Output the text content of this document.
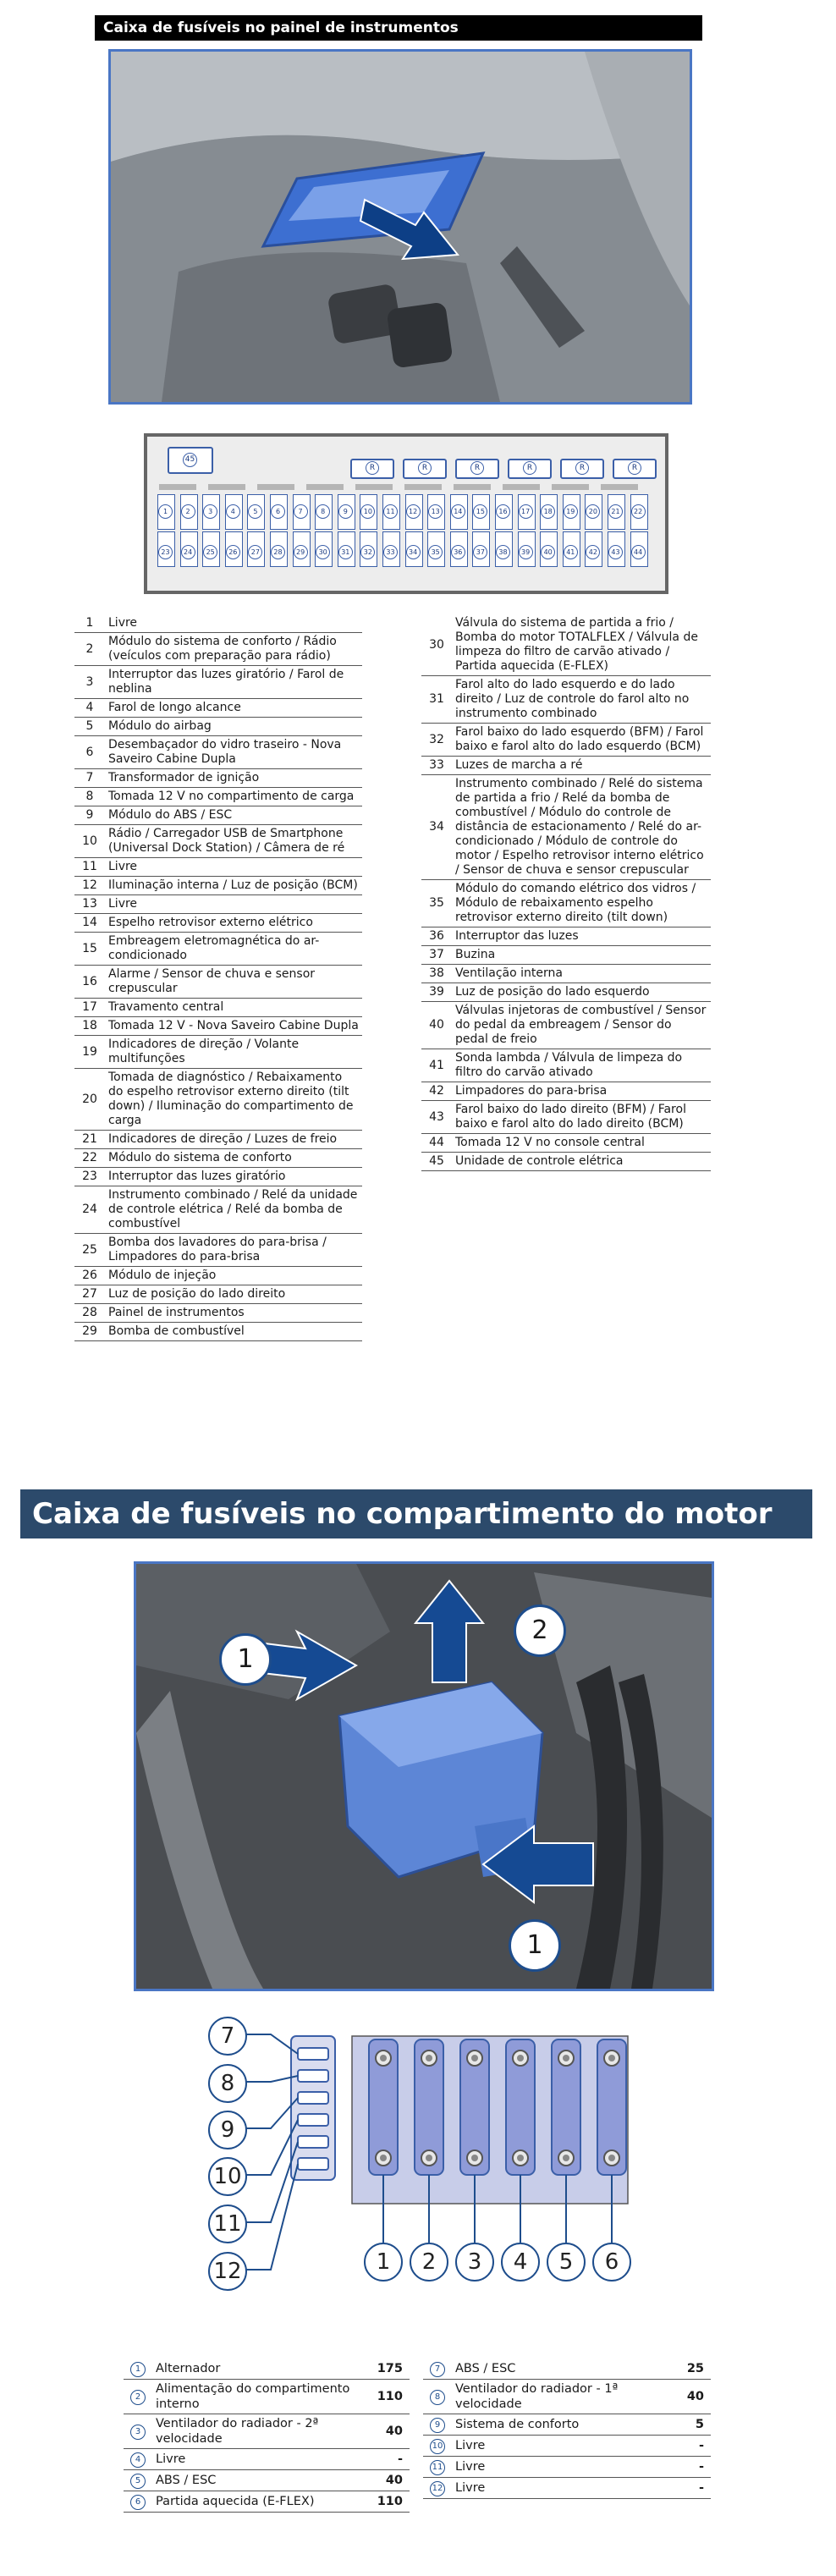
Caixa de fusíveis no painel de instrumentos
45
R	R	R	R	R	R
1	2	3	4	5	6	7	8	9	10	11	12	13	14	15	16	17	18	19	20	21	22
23	24	25	26	27	28	29	30	31	32	33	34	35	36	37	38	39	40	41	42	43	44
1	Livre
2	Módulo do sistema de conforto / Rádio (veículos com preparação para rádio)
3	Interruptor das luzes giratório / Farol de neblina
4	Farol de longo alcance
5	Módulo do airbag
6	Desembaçador do vidro traseiro - Nova Saveiro Cabine Dupla
7	Transformador de ignição
8	Tomada 12 V no compartimento de carga
9	Módulo do ABS / ESC
10	Rádio / Carregador USB de Smartphone (Universal Dock Station) / Câmera de ré
11	Livre
12	Iluminação interna / Luz de posição (BCM)
13	Livre
14	Espelho retrovisor externo elétrico
15	Embreagem eletromagnética do ar-condicionado
16	Alarme / Sensor de chuva e sensor crepuscular
17	Travamento central
18	Tomada 12 V - Nova Saveiro Cabine Dupla
19	Indicadores de direção / Volante multifunções
20	Tomada de diagnóstico / Rebaixamento do espelho retrovisor externo direito (tilt down) / Iluminação do compartimento de carga
21	Indicadores de direção / Luzes de freio
22	Módulo do sistema de conforto
23	Interruptor das luzes giratório
24	Instrumento combinado / Relé da unidade de controle elétrica / Relé da bomba de combustível
25	Bomba dos lavadores do para-brisa / Limpadores do para-brisa
26	Módulo de injeção
27	Luz de posição do lado direito
28	Painel de instrumentos
29	Bomba de combustível
30	Válvula do sistema de partida a frio / Bomba do motor TOTALFLEX / Válvula de limpeza do filtro de carvão ativado / Partida aquecida (E-FLEX)
31	Farol alto do lado esquerdo e do lado direito / Luz de controle do farol alto no instrumento combinado
32	Farol baixo do lado esquerdo (BFM) / Farol baixo e farol alto do lado esquerdo (BCM)
33	Luzes de marcha a ré
34	Instrumento combinado / Relé do sistema de partida a frio / Relé da bomba de combustível / Módulo do controle de distância de estacionamento / Relé do ar-condicionado / Módulo de controle do motor / Espelho retrovisor interno elétrico / Sensor de chuva e sensor crepuscular
35	Módulo do comando elétrico dos vidros / Módulo de rebaixamento espelho retrovisor externo direito (tilt down)
36	Interruptor das luzes
37	Buzina
38	Ventilação interna
39	Luz de posição do lado esquerdo
40	Válvulas injetoras de combustível / Sensor do pedal da embreagem / Sensor do pedal de freio
41	Sonda lambda / Válvula de limpeza do filtro do carvão ativado
42	Limpadores do para-brisa
43	Farol baixo do lado direito (BFM) / Farol baixo e farol alto do lado direito (BCM)
44	Tomada 12 V no console central
45	Unidade de controle elétrica
Caixa de fusíveis no compartimento do motor
1
2
1
7
8
9
10
11
12	1	2	3	4	5	6
1	Alternador	175
2	Alimentação do compartimento interno	110
3	Ventilador do radiador - 2ª velocidade	40
4	Livre	-
5	ABS / ESC	40
6	Partida aquecida (E-FLEX)	110
7	ABS / ESC	25
8	Ventilador do radiador - 1ª velocidade	40
9	Sistema de conforto	5
10	Livre	-
11	Livre	-
12	Livre	-
